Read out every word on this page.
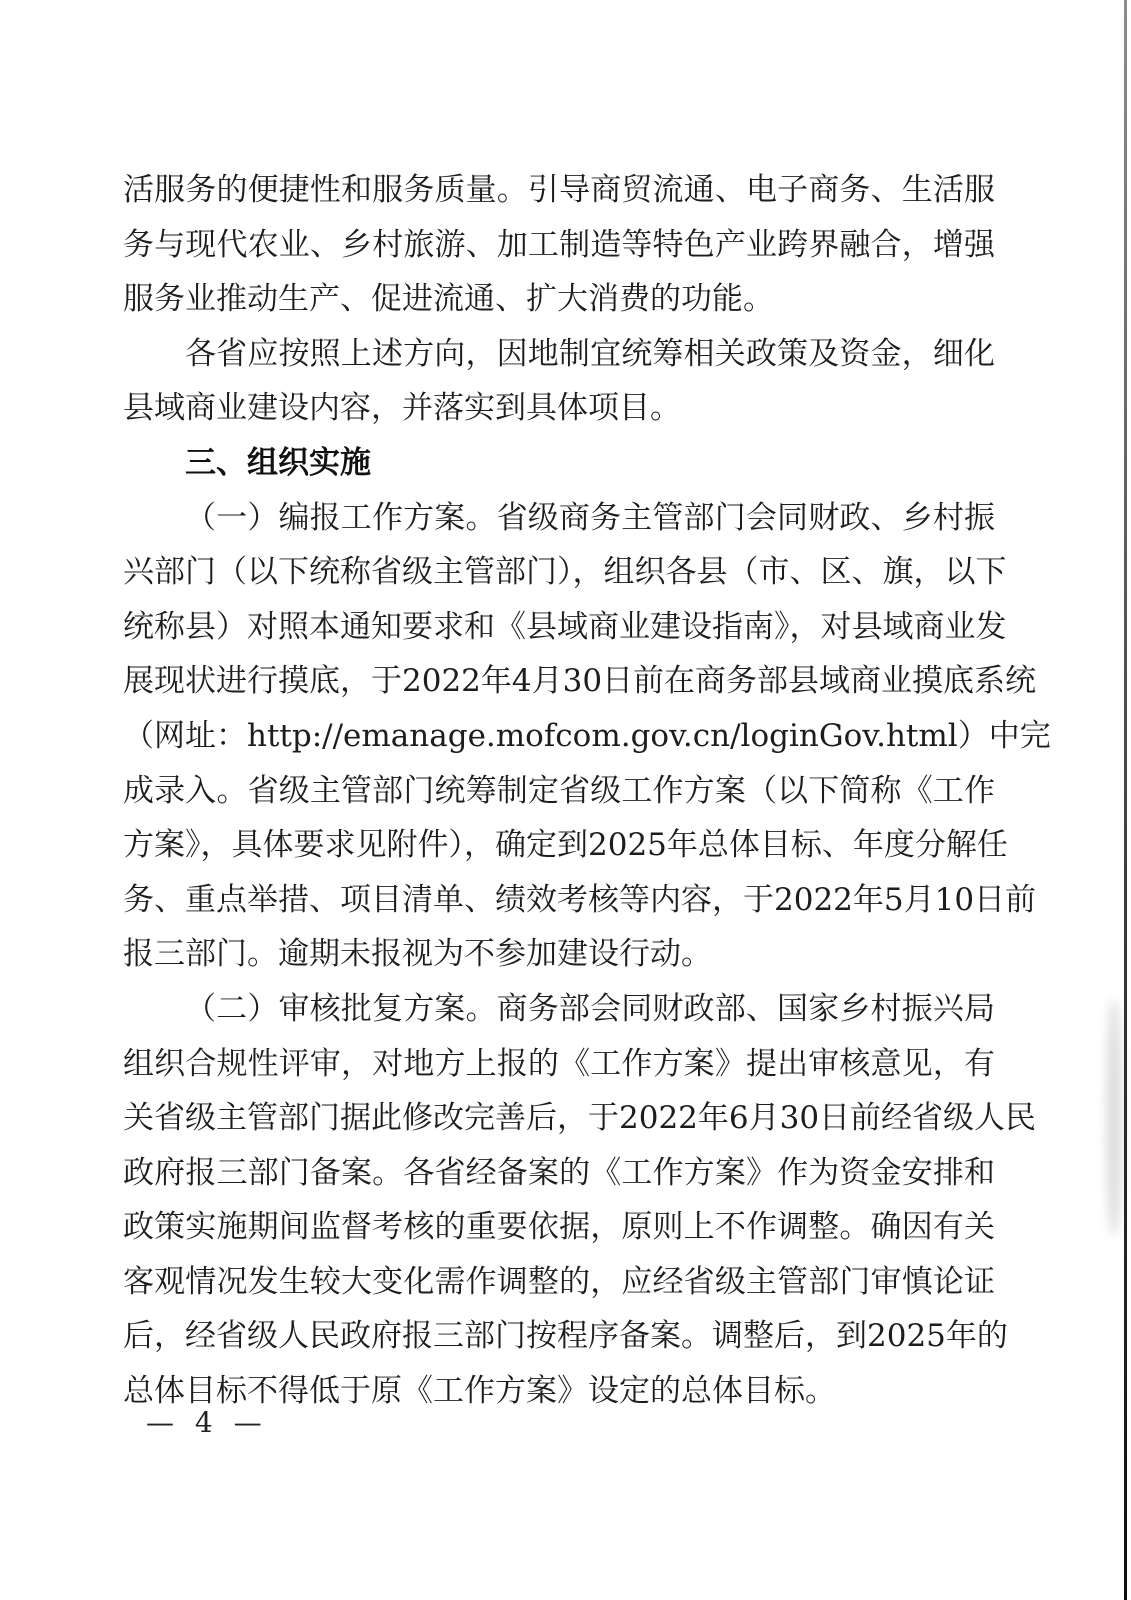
活服务的便捷性和服务质量。引导商贸流通、电子商务、生活服
务与现代农业、乡村旅游、加工制造等特色产业跨界融合，增强
服务业推动生产、促进流通、扩大消费的功能。
各省应按照上述方向，因地制宜统筹相关政策及资金，细化
县域商业建设内容，并落实到具体项目。
三、组织实施
（一）编报工作方案。省级商务主管部门会同财政、乡村振
兴部门（以下统称省级主管部门），组织各县（市、区、旗，以下
统称县）对照本通知要求和《县域商业建设指南》，对县域商业发
展现状进行摸底，于2022年4月30日前在商务部县域商业摸底系统
（网址：http://emanage.mofcom.gov.cn/loginGov.html）中完
成录入。省级主管部门统筹制定省级工作方案（以下简称《工作
方案》，具体要求见附件），确定到2025年总体目标、年度分解任
务、重点举措、项目清单、绩效考核等内容，于2022年5月10日前
报三部门。逾期未报视为不参加建设行动。
（二）审核批复方案。商务部会同财政部、国家乡村振兴局
组织合规性评审，对地方上报的《工作方案》提出审核意见，有
关省级主管部门据此修改完善后，于2022年6月30日前经省级人民
政府报三部门备案。各省经备案的《工作方案》作为资金安排和
政策实施期间监督考核的重要依据，原则上不作调整。确因有关
客观情况发生较大变化需作调整的，应经省级主管部门审慎论证
后，经省级人民政府报三部门按程序备案。调整后，到2025年的
总体目标不得低于原《工作方案》设定的总体目标。
— 4 —
